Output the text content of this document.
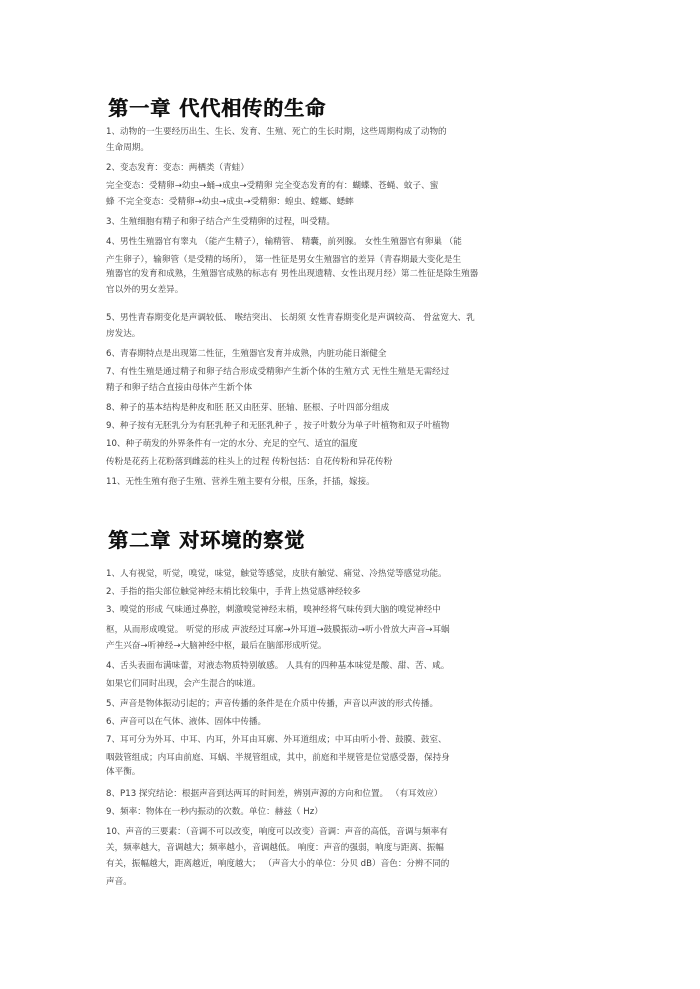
第一章 代代相传的生命
1、动物的一生要经历出生、生长、发育、生殖、死亡的生长时期，这些周期构成了动物的
生命周期。
2、变态发育：变态：两栖类（青蛙）
完全变态：受精卵→幼虫→蛹→成虫→受精卵 完全变态发育的有：蝴蝶、苍蝇、蚊子、蜜
蜂 不完全变态：受精卵→幼虫→成虫→受精卵：蝗虫、螳螂、蟋蟀
3、生殖细胞有精子和卵子结合产生受精卵的过程，叫受精。
4、男性生殖器官有睾丸 （能产生精子），输精管、 精囊，前列腺。 女性生殖器官有卵巢 （能
产生卵子），输卵管（是受精的场所）， 第一性征是男女生殖器官的差异（青春期最大变化是生
殖器官的发育和成熟，生殖器官成熟的标志有 男性出现遗精、女性出现月经）第二性征是除生殖器
官以外的男女差异。
5、男性青春期变化是声调较低、 喉结突出、 长胡须 女性青春期变化是声调较高、 骨盆宽大、乳
房发达。
6、青春期特点是出现第二性征，生殖器官发育并成熟，内脏功能日渐健全
7、有性生殖是通过精子和卵子结合形成受精卵产生新个体的生殖方式 无性生殖是无需经过
精子和卵子结合直接由母体产生新个体
8、种子的基本结构是种皮和胚 胚又由胚芽、胚轴、胚根、子叶四部分组成
9、种子按有无胚乳分为有胚乳种子和无胚乳种子 ，按子叶数分为单子叶植物和双子叶植物
10、种子萌发的外界条件有一定的水分、充足的空气、适宜的温度
传粉是花药上花粉落到雌蕊的柱头上的过程 传粉包括：自花传粉和异花传粉
11、无性生殖有孢子生殖、营养生殖主要有分根，压条，扦插，嫁接。
第二章 对环境的察觉
1、人有视觉，听觉，嗅觉，味觉，触觉等感觉，皮肤有触觉、痛觉、冷热觉等感觉功能。
2、手指的指尖部位触觉神经末梢比较集中，手背上热觉感神经较多
3、嗅觉的形成 气味通过鼻腔，刺激嗅觉神经末梢，嗅神经将气味传到大脑的嗅觉神经中
枢，从而形成嗅觉。 听觉的形成 声波经过耳廓→外耳道→鼓膜振动→听小骨放大声音→耳蜗
产生兴奋→听神经→大脑神经中枢，最后在脑部形成听觉。
4、舌头表面布满味蕾，对液态物质特别敏感。 人具有的四种基本味觉是酸、甜、苦、咸。
如果它们同时出现，会产生混合的味道。
5、声音是物体振动引起的；声音传播的条件是在介质中传播，声音以声波的形式传播。
6、声音可以在气体、液体、固体中传播。
7、耳可分为外耳、中耳、内耳，外耳由耳廓、外耳道组成；中耳由听小骨、鼓膜、鼓室、
咽鼓管组成；内耳由前庭、耳蜗、半规管组成，其中，前庭和半规管是位觉感受器，保持身
体平衡。
8、P13 探究结论：根据声音到达两耳的时间差，辨别声源的方向和位置。 （有耳效应）
9、频率：物体在一秒内振动的次数。单位：赫兹（ Hz）
10、声音的三要素：（音调不可以改变，响度可以改变）音调：声音的高低，音调与频率有
关，频率越大，音调越大；频率越小，音调越低。 响度：声音的强弱，响度与距离、振幅
有关，振幅越大，距离越近，响度越大； （声音大小的单位：分贝 dB）音色：分辨不同的
声音。
